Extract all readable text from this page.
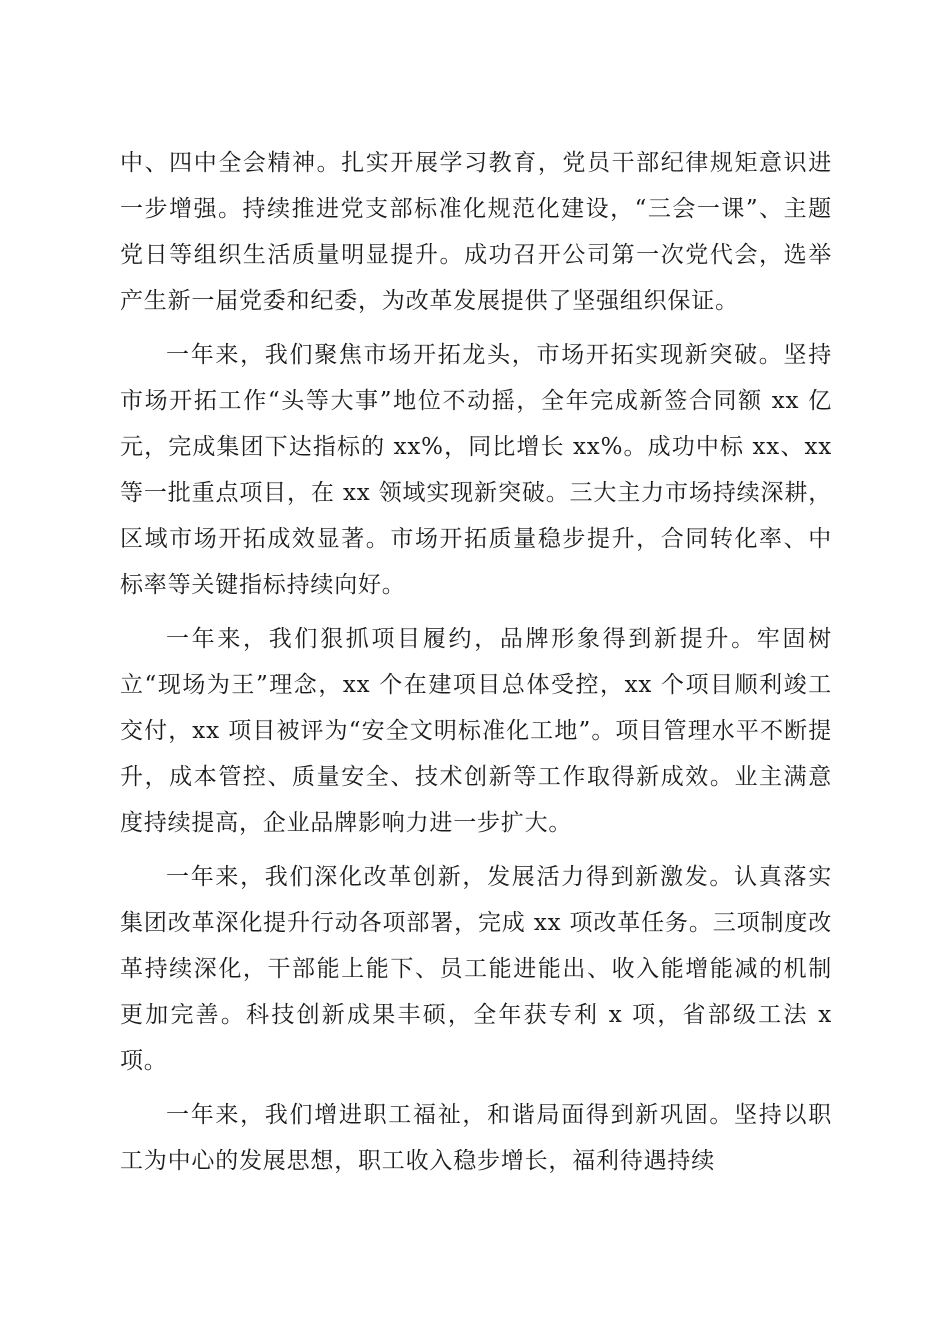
中、四中全会精神。扎实开展学习教育，党员干部纪律规矩意识进一步增强。持续推进党支部标准化规范化建设，“三会一课”、主题党日等组织生活质量明显提升。成功召开公司第一次党代会，选举产生新一届党委和纪委，为改革发展提供了坚强组织保证。

一年来，我们聚焦市场开拓龙头，市场开拓实现新突破。坚持市场开拓工作“头等大事”地位不动摇，全年完成新签合同额 xx 亿元，完成集团下达指标的 xx%，同比增长 xx%。成功中标 xx、xx 等一批重点项目，在 xx 领域实现新突破。三大主力市场持续深耕，区域市场开拓成效显著。市场开拓质量稳步提升，合同转化率、中标率等关键指标持续向好。

一年来，我们狠抓项目履约，品牌形象得到新提升。牢固树立“现场为王”理念，xx 个在建项目总体受控，xx 个项目顺利竣工交付，xx 项目被评为“安全文明标准化工地”。项目管理水平不断提升，成本管控、质量安全、技术创新等工作取得新成效。业主满意度持续提高，企业品牌影响力进一步扩大。

一年来，我们深化改革创新，发展活力得到新激发。认真落实集团改革深化提升行动各项部署，完成 xx 项改革任务。三项制度改革持续深化，干部能上能下、员工能进能出、收入能增能减的机制更加完善。科技创新成果丰硕，全年获专利 x 项，省部级工法 x 项。

一年来，我们增进职工福祉，和谐局面得到新巩固。坚持以职工为中心的发展思想，职工收入稳步增长，福利待遇持续
